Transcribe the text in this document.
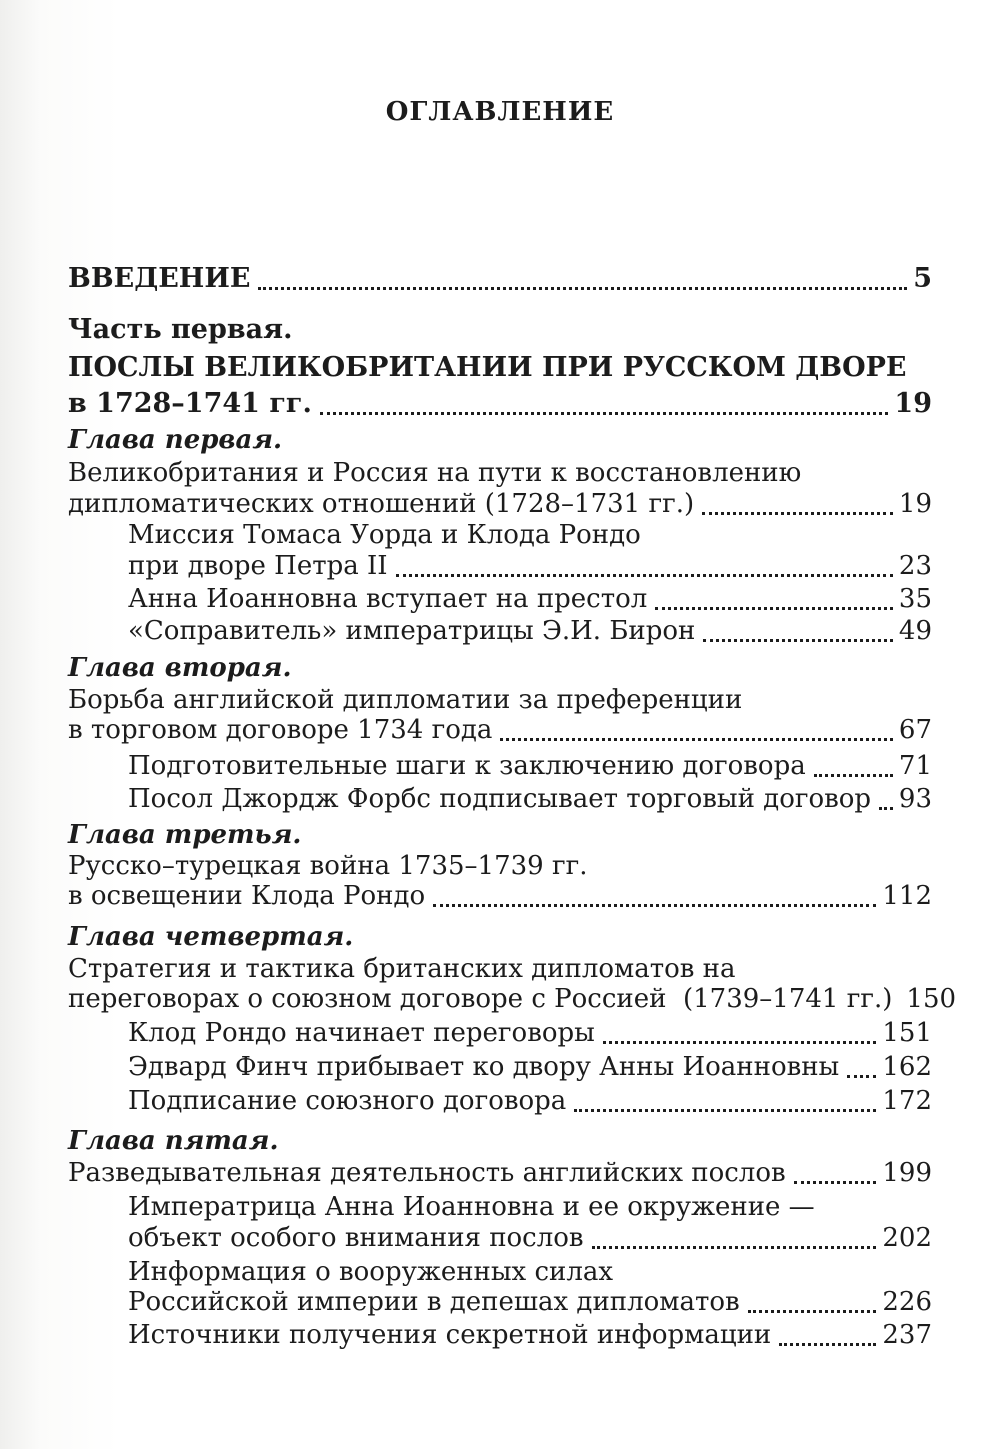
ОГЛАВЛЕНИЕ
ВВЕДЕНИЕ	5
Часть первая.
ПОСЛЫ ВЕЛИКОБРИТАНИИ ПРИ РУССКОМ ДВОРЕ
в 1728–1741 гг.	19
Глава первая.
Великобритания и Россия на пути к восстановлению
дипломатических отношений (1728–1731 гг.)	19
Миссия Томаса Уорда и Клода Рондо
при дворе Петра II	23
Анна Иоанновна вступает на престол	35
«Соправитель» императрицы Э.И. Бирон	49
Глава вторая.
Борьба английской дипломатии за преференции
в торговом договоре 1734 года	67
Подготовительные шаги к заключению договора	71
Посол Джордж Форбс подписывает торговый договор 93
Глава третья.
Русско–турецкая война 1735–1739 гг.
в освещении Клода Рондо	112
Глава четвертая.
Стратегия и тактика британских дипломатов на
переговорах о союзном договоре с Россией  (1739–1741 гг.) 150
Клод Рондо начинает переговоры	151
Эдвард Финч прибывает ко двору Анны Иоанновны 162
Подписание союзного договора	172
Глава пятая.
Разведывательная деятельность английских послов	199
Императрица Анна Иоанновна и ее окружение —
объект особого внимания послов	202
Информация о вооруженных силах
Российской империи в депешах дипломатов	226
Источники получения секретной информации	237
